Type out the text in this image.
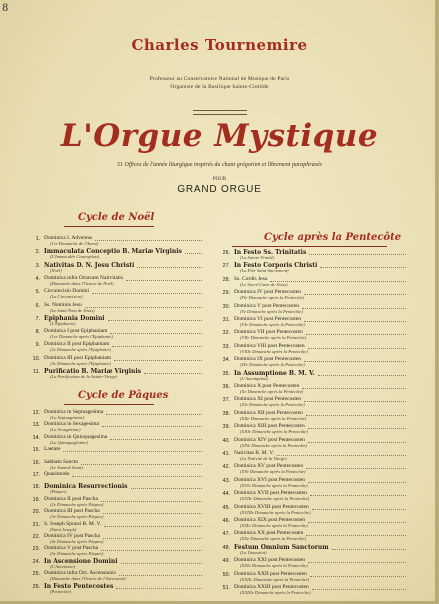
8
Charles Tournemire
Professeur au Conservatoire National de Musique de Paris
Organiste de la Basilique Sainte-Clotilde
L'Orgue Mystique
51 Offices de l'année liturgique inspirés du chant grégorien et librement paraphrasés
POUR
GRAND ORGUE
Cycle de Noël
Cycle de Pâques
Cycle après la Pentecôte
1. Dominica I. Adventus
(1er Dimanche de l'Avent)
2. Immaculata Conceptio B. Mariæ Virginis
(L'Immaculée Conception)
3. Nativitas D. N. Jesu Christi
(Noël)
4. Dominica infra Octavam Nativitatis
(Dimanche dans l'Octave de Noël)
5. Circumcisio Domini
(La Circoncision)
6. Ss. Nominis Jesu
(Le Saint Nom de Jésus)
7. Epiphania Domini
(L'Epiphanie)
8. Dominica I post Epiphaniam
(1er Dimanche après l'Epiphanie)
9. Dominica II post Epiphaniam
(2e Dimanche après l'Epiphanie)
10. Dominica III post Epiphaniam
(3e Dimanche après l'Epiphanie)
11. Purificatio B. Mariæ Virginis
(La Purification de la Sainte-Vierge)
12. Dominica in Septuagesima
(La Septuagésime)
13. Dominica in Sexagesima
(La Sexagésime)
14. Dominica in Quinquagesima
(La Quinquagésime)
15. Laetare
16. Sabbato Sancto
(Le Samedi Saint)
17. Quasimodo
18. Dominica Resurrectionis
(Pâques)
19. Dominica II post Pascha
(2e Dimanche après Pâques)
20. Dominica III post Pascha
(3e Dimanche après Pâques)
21. S. Joseph Sponsi B. M. V.
(Saint Joseph)
22. Dominica IV post Pascha
(4e Dimanche après Pâques)
23. Dominica V post Pascha
(5e Dimanche après Pâques)
24. In Ascensione Domini
(L'Ascension)
25. Dominica infra Oct. Ascensionis
(Dimanche dans l'Octave de l'Ascension)
26. In Festo Pentecostes
(Pentecôte)
26. In Festo Ss. Trinitatis
(La Sainte-Trinité)
27. In Festo Corporis Christi
(La Fête Saint-Sacrement)
28. Ss. Cordis Jesu
(Le Sacré-Cœur de Jésus)
29. Dominica IV post Pentecosten
(IVe Dimanche après la Pentecôte)
30. Dominica V post Pentecosten
(Ve Dimanche après la Pentecôte)
31. Dominica VI post Pentecosten
(VIe Dimanche après la Pentecôte)
32. Dominica VII post Pentecosten
(VIIe Dimanche après la Pentecôte)
33. Dominica VIII post Pentecosten
(VIIIe Dimanche après la Pentecôte)
34. Dominica IX post Pentecosten
(IXe Dimanche après la Pentecôte)
35. In Assumptione B. M. V.
(L'Assomption)
36. Dominica X post Pentecosten
(Xe Dimanche après la Pentecôte)
37. Dominica XI post Pentecosten
(XIe Dimanche après la Pentecôte)
38. Dominica XII post Pentecosten
(XIIe Dimanche après la Pentecôte)
39. Dominica XIII post Pentecosten
(XIIIe Dimanche après la Pentecôte)
40. Dominica XIV post Pentecosten
(XIVe Dimanche après la Pentecôte)
41. Nativitas B. M. V.
(La Nativité de la Vierge)
42. Dominica XV post Pentecosten
(XVe Dimanche après la Pentecôte)
43. Dominica XVI post Pentecosten
(XVIe Dimanche après la Pentecôte)
44. Dominica XVII post Pentecosten
(XVIIe Dimanche après la Pentecôte)
45. Dominica XVIII post Pentecosten
(XVIIIe Dimanche après la Pentecôte)
46. Dominica XIX post Pentecosten
(XIXe Dimanche après la Pentecôte)
47. Dominica XX post Pentecosten
(XXe Dimanche après la Pentecôte)
48. Festum Omnium Sanctorum
(La Toussaint)
49. Dominica XXI post Pentecosten
(XXIe Dimanche après la Pentecôte)
50. Dominica XXII post Pentecosten
(XXIIe Dimanche après la Pentecôte)
51. Dominica XXIII post Pentecosten
(XXIIIe Dimanche après la Pentecôte)
